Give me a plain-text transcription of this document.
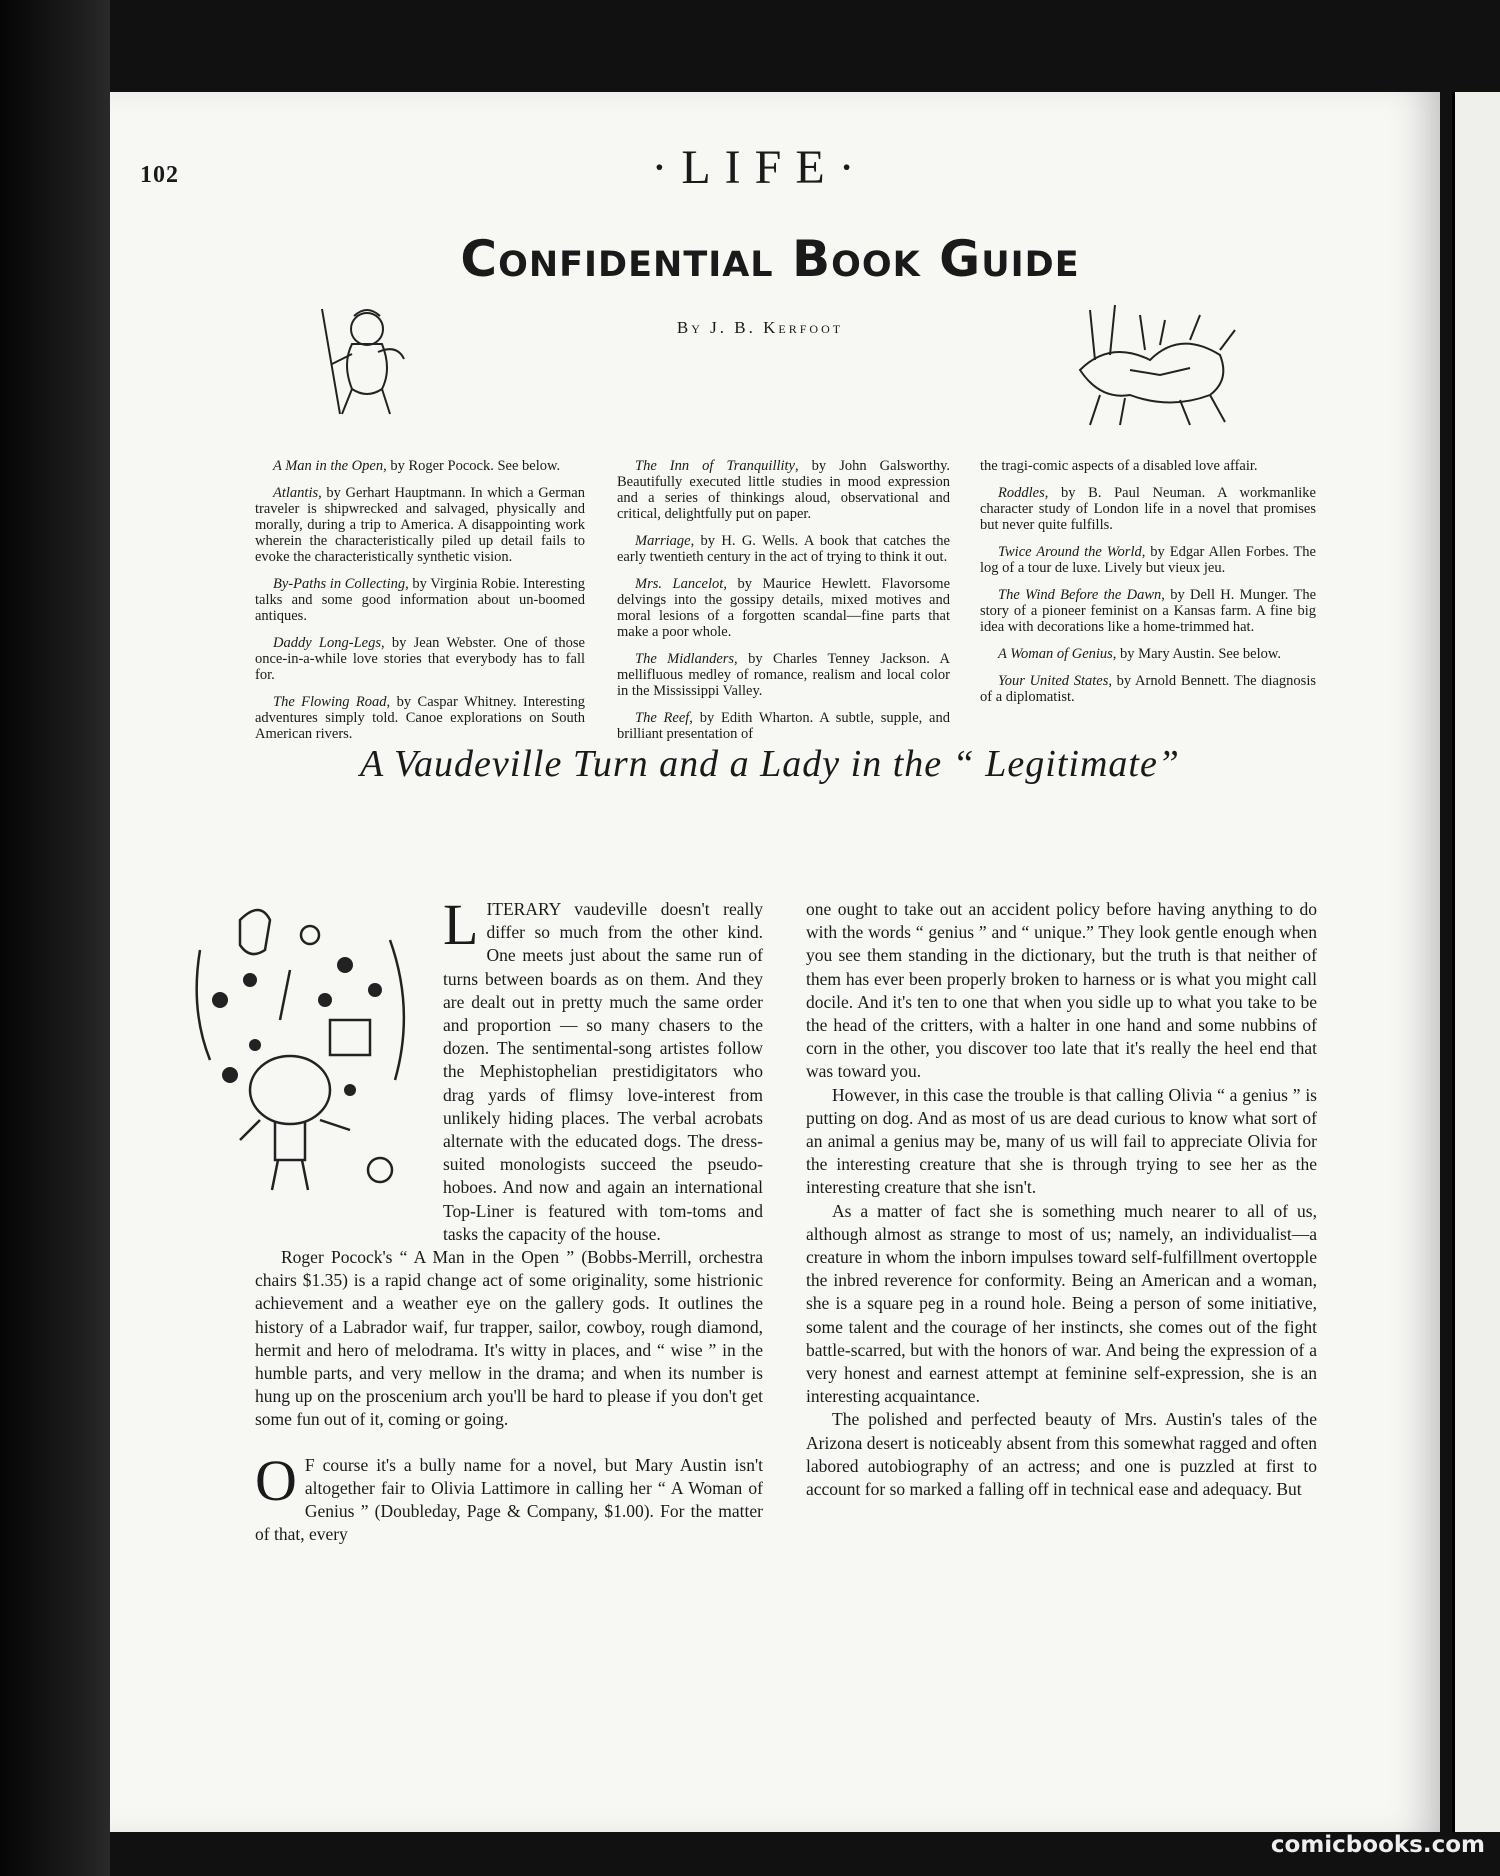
102	·LIFE·
Confidential Book Guide
By J. B. Kerfoot

A Man in the Open, by Roger Pocock. See below.

Atlantis, by Gerhart Hauptmann. In which a German traveler is shipwrecked and salvaged, physically and morally, during a trip to America. A disappointing work wherein the characteristically piled up detail fails to evoke the characteristically synthetic vision.

By-Paths in Collecting, by Virginia Robie. Interesting talks and some good information about un-boomed antiques.

Daddy Long-Legs, by Jean Webster. One of those once-in-a-while love stories that everybody has to fall for.

The Flowing Road, by Caspar Whitney. Interesting adventures simply told. Canoe explorations on South American rivers.

The Inn of Tranquillity, by John Galsworthy. Beautifully executed little studies in mood expression and a series of thinkings aloud, observational and critical, delightfully put on paper.

Marriage, by H. G. Wells. A book that catches the early twentieth century in the act of trying to think it out.

Mrs. Lancelot, by Maurice Hewlett. Flavorsome delvings into the gossipy details, mixed motives and moral lesions of a forgotten scandal—fine parts that make a poor whole.

The Midlanders, by Charles Tenney Jackson. A mellifluous medley of romance, realism and local color in the Mississippi Valley.

The Reef, by Edith Wharton. A subtle, supple, and brilliant presentation of

the tragi-comic aspects of a disabled love affair.

Roddles, by B. Paul Neuman. A workmanlike character study of London life in a novel that promises but never quite fulfills.

Twice Around the World, by Edgar Allen Forbes. The log of a tour de luxe. Lively but vieux jeu.

The Wind Before the Dawn, by Dell H. Munger. The story of a pioneer feminist on a Kansas farm. A fine big idea with decorations like a home-trimmed hat.

A Woman of Genius, by Mary Austin. See below.

Your United States, by Arnold Bennett. The diagnosis of a diplomatist.

A Vaudeville Turn and a Lady in the “ Legitimate”

LITERARY vaudeville doesn't really differ so much from the other kind. One meets just about the same run of turns between boards as on them. And they are dealt out in pretty much the same order and proportion — so many chasers to the dozen. The sentimental-song artistes follow the Mephistophelian prestidigitators who drag yards of flimsy love-interest from unlikely hiding places. The verbal acrobats alternate with the educated dogs. The dress-suited monologists succeed the pseudo-hoboes. And now and again an international Top-Liner is featured with tom-toms and tasks the capacity of the house.

Roger Pocock's “ A Man in the Open ” (Bobbs-Merrill, orchestra chairs $1.35) is a rapid change act of some originality, some histrionic achievement and a weather eye on the gallery gods. It outlines the history of a Labrador waif, fur trapper, sailor, cowboy, rough diamond, hermit and hero of melodrama. It's witty in places, and “ wise ” in the humble parts, and very mellow in the drama; and when its number is hung up on the proscenium arch you'll be hard to please if you don't get some fun out of it, coming or going.

O F course it's a bully name for a novel, but Mary Austin isn't altogether fair to Olivia Lattimore in calling her “ A Woman of Genius ” (Doubleday, Page & Company, $1.00). For the matter of that, every

one ought to take out an accident policy before having anything to do with the words “ genius ” and “ unique.” They look gentle enough when you see them standing in the dictionary, but the truth is that neither of them has ever been properly broken to harness or is what you might call docile. And it's ten to one that when you sidle up to what you take to be the head of the critters, with a halter in one hand and some nubbins of corn in the other, you discover too late that it's really the heel end that was toward you.

However, in this case the trouble is that calling Olivia “ a genius ” is putting on dog. And as most of us are dead curious to know what sort of an animal a genius may be, many of us will fail to appreciate Olivia for the interesting creature that she is through trying to see her as the interesting creature that she isn't.

As a matter of fact she is something much nearer to all of us, although almost as strange to most of us; namely, an individualist—a creature in whom the inborn impulses toward self-fulfillment overtopple the inbred reverence for conformity. Being an American and a woman, she is a square peg in a round hole. Being a person of some initiative, some talent and the courage of her instincts, she comes out of the fight battle-scarred, but with the honors of war. And being the expression of a very honest and earnest attempt at feminine self-expression, she is an interesting acquaintance.

The polished and perfected beauty of Mrs. Austin's tales of the Arizona desert is noticeably absent from this somewhat ragged and often labored autobiography of an actress; and one is puzzled at first to account for so marked a falling off in technical ease and adequacy. But

comicbooks.com
